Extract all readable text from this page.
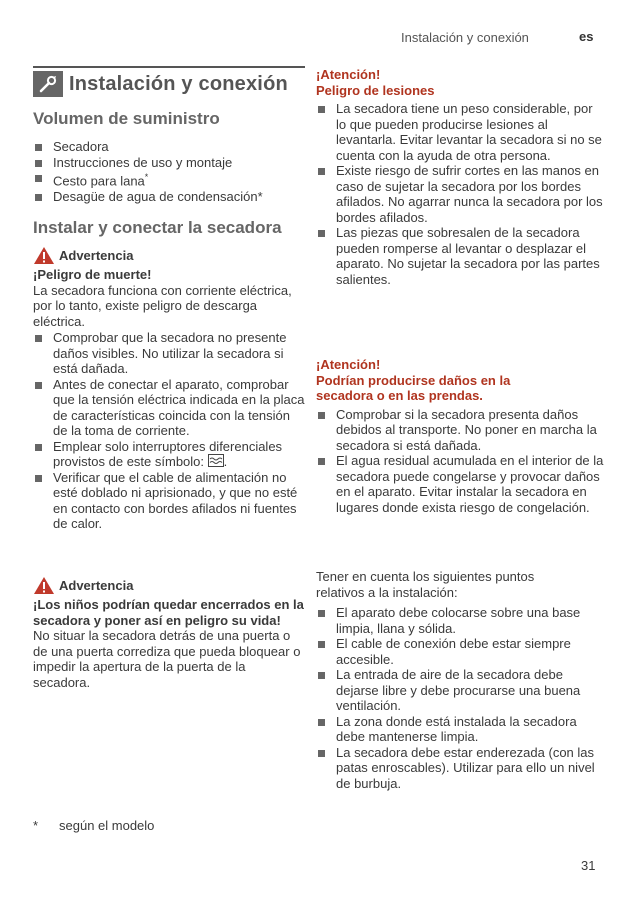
Instalación y conexión	es
Instalación y conexión
Volumen de suministro
Secadora
Instrucciones de uso y montaje
Cesto para lana*
Desagüe de agua de condensación*
Instalar y conectar la secadora
Advertencia
¡Peligro de muerte!
La secadora funciona con corriente eléctrica, por lo tanto, existe peligro de descarga eléctrica.
Comprobar que la secadora no presente daños visibles. No utilizar la secadora si está dañada.
Antes de conectar el aparato, comprobar que la tensión eléctrica indicada en la placa de características coincida con la tensión de la toma de corriente.
Emplear solo interruptores diferenciales provistos de este símbolo: .
Verificar que el cable de alimentación no esté doblado ni aprisionado, y que no esté en contacto con bordes afilados ni fuentes de calor.
Advertencia
¡Los niños podrían quedar encerrados en la secadora y poner así en peligro su vida!
No situar la secadora detrás de una puerta o de una puerta corrediza que pueda bloquear o impedir la apertura de la puerta de la secadora.
* según el modelo
¡Atención!
Peligro de lesiones
La secadora tiene un peso considerable, por lo que pueden producirse lesiones al levantarla. Evitar levantar la secadora si no se cuenta con la ayuda de otra persona.
Existe riesgo de sufrir cortes en las manos en caso de sujetar la secadora por los bordes afilados. No agarrar nunca la secadora por los bordes afilados.
Las piezas que sobresalen de la secadora pueden romperse al levantar o desplazar el aparato. No sujetar la secadora por las partes salientes.
¡Atención!
Podrían producirse daños en la secadora o en las prendas.
Comprobar si la secadora presenta daños debidos al transporte. No poner en marcha la secadora si está dañada.
El agua residual acumulada en el interior de la secadora puede congelarse y provocar daños en el aparato. Evitar instalar la secadora en lugares donde exista riesgo de congelación.
Tener en cuenta los siguientes puntos relativos a la instalación:
El aparato debe colocarse sobre una base limpia, llana y sólida.
El cable de conexión debe estar siempre accesible.
La entrada de aire de la secadora debe dejarse libre y debe procurarse una buena ventilación.
La zona donde está instalada la secadora debe mantenerse limpia.
La secadora debe estar enderezada (con las patas enroscables). Utilizar para ello un nivel de burbuja.
31
